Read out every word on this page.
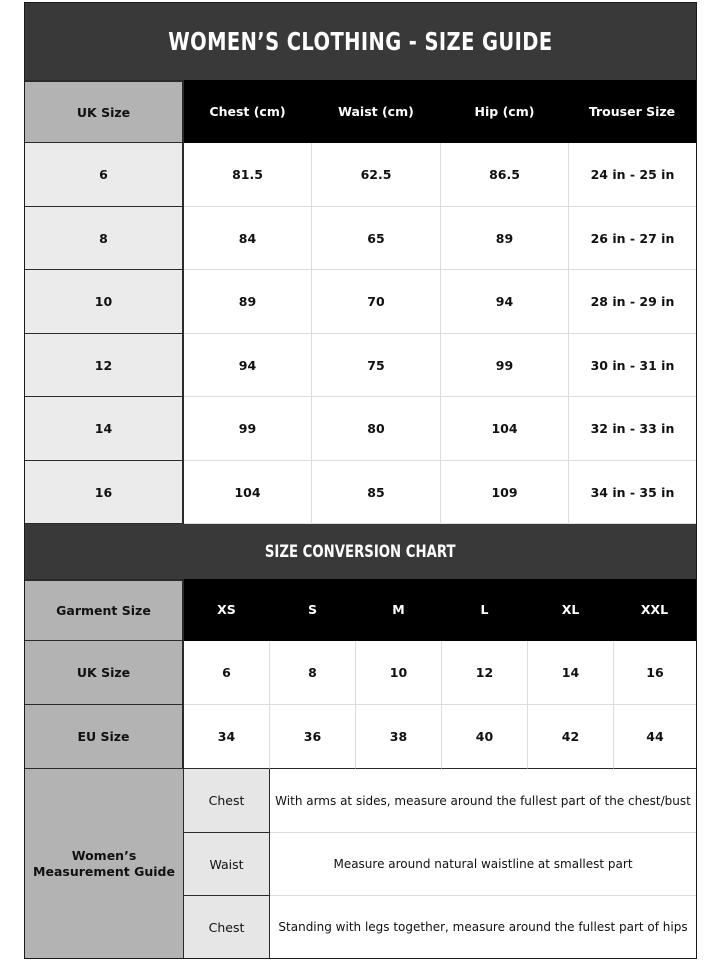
WOMEN’S CLOTHING - SIZE GUIDE
UK Size	Chest (cm)	Waist (cm)	Hip (cm)	Trouser Size
6	81.5	62.5	86.5	24 in - 25 in
8	84	65	89	26 in - 27 in
10	89	70	94	28 in - 29 in
12	94	75	99	30 in - 31 in
14	99	80	104	32 in - 33 in
16	104	85	109	34 in - 35 in
SIZE CONVERSION CHART
Garment Size	XS	S	M	L	XL	XXL
UK Size	6	8	10	12	14	16
EU Size	34	36	38	40	42	44
Women’s
Measurement Guide
Chest	With arms at sides, measure around the fullest part of the chest/bust
Waist	Measure around natural waistline at smallest part
Chest	Standing with legs together, measure around the fullest part of hips
